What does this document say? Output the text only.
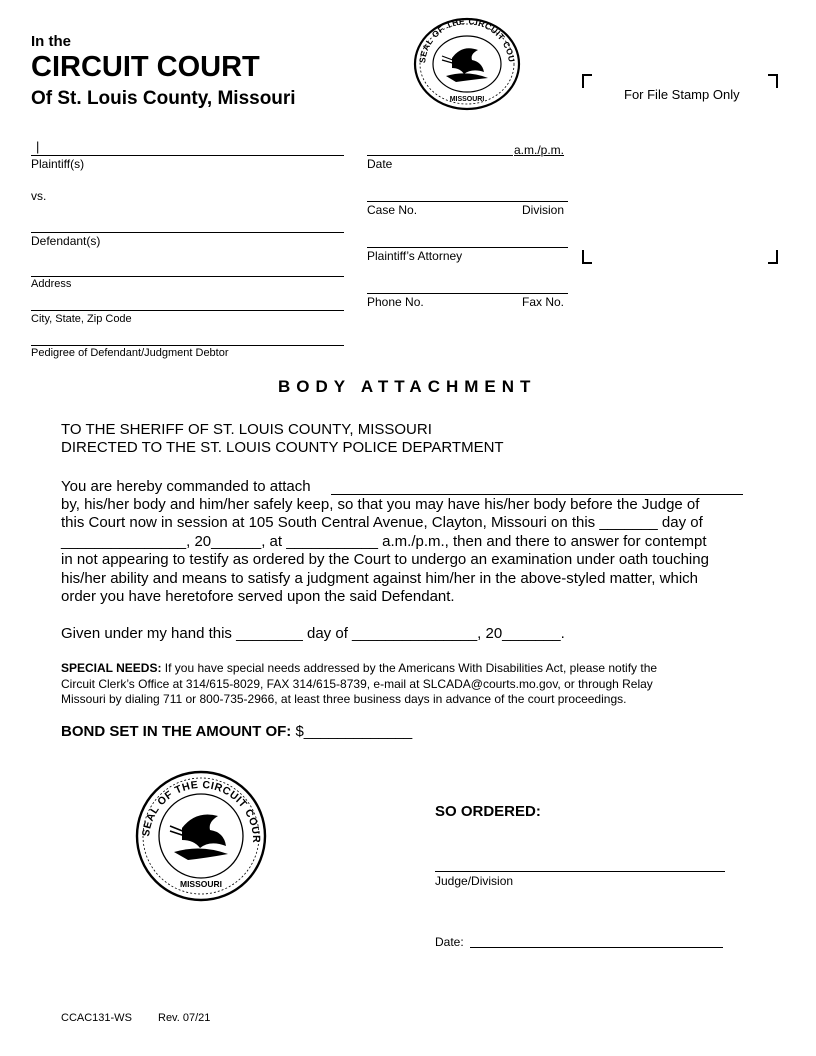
In the
CIRCUIT COURT
Of St. Louis County, Missouri
SEAL OF THE CIRCUIT COU
MISSOURI	For File Stamp Only
|
Plaintiff(s)
vs.
Defendant(s)
Address
City, State, Zip Code
Pedigree of Defendant/Judgment Debtor
a.m./p.m.
Date
Case No.	Division
Plaintiff’s Attorney
Phone No.	Fax No.
BODY ATTACHMENT
TO THE SHERIFF OF ST. LOUIS COUNTY, MISSOURI
DIRECTED TO THE ST. LOUIS COUNTY POLICE DEPARTMENT
You are hereby commanded to attach
by, his/her body and him/her safely keep, so that you may have his/her body before the Judge of
this Court now in session at 105 South Central Avenue, Clayton, Missouri on this _______ day of
_______________, 20______, at ___________ a.m./p.m., then and there to answer for contempt
in not appearing to testify as ordered by the Court to undergo an examination under oath touching
his/her ability and means to satisfy a judgment against him/her in the above-styled matter, which
order you have heretofore served upon the said Defendant.
Given under my hand this ________ day of _______________, 20_______.
SPECIAL NEEDS: If you have special needs addressed by the Americans With Disabilities Act, please notify the
Circuit Clerk’s Office at 314/615-8029, FAX 314/615-8739, e-mail at SLCADA@courts.mo.gov, or through Relay
Missouri by dialing 711 or 800-735-2966, at least three business days in advance of the court proceedings.
BOND SET IN THE AMOUNT OF: $_____________
SEAL OF THE CIRCUIT COUR
MISSOURI
SO ORDERED:
Judge/Division
Date:
CCAC131-WS Rev. 07/21
